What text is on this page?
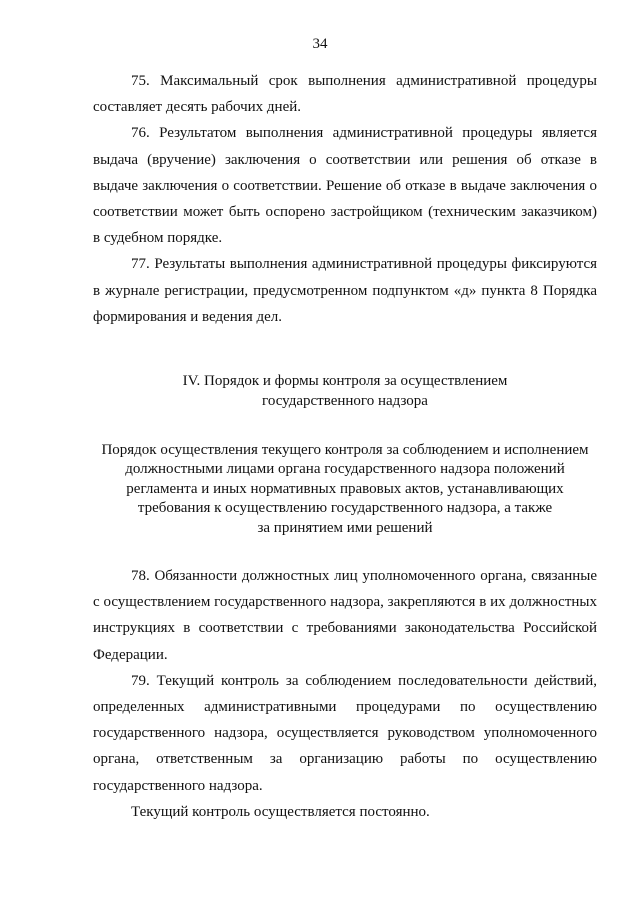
34

75. Максимальный срок выполнения административной процедуры составляет десять рабочих дней.

76. Результатом выполнения административной процедуры является выдача (вручение) заключения о соответствии или решения об отказе в выдаче заключения о соответствии. Решение об отказе в выдаче заключения о соответствии может быть оспорено застройщиком (техническим заказчиком) в судебном порядке.

77. Результаты выполнения административной процедуры фиксируются в журнале регистрации, предусмотренном подпунктом «д» пункта 8 Порядка формирования и ведения дел.

IV. Порядок и формы контроля за осуществлением
государственного надзора
Порядок осуществления текущего контроля за соблюдением и исполнением
должностными лицами органа государственного надзора положений
регламента и иных нормативных правовых актов, устанавливающих
требования к осуществлению государственного надзора, а также
за принятием ими решений

78. Обязанности должностных лиц уполномоченного органа, связанные с осуществлением государственного надзора, закрепляются в их должностных инструкциях в соответствии с требованиями законодательства Российской Федерации.

79. Текущий контроль за соблюдением последовательности действий, определенных административными процедурами по осуществлению государственного надзора, осуществляется руководством уполномоченного органа, ответственным за организацию работы по осуществлению государственного надзора.

Текущий контроль осуществляется постоянно.
